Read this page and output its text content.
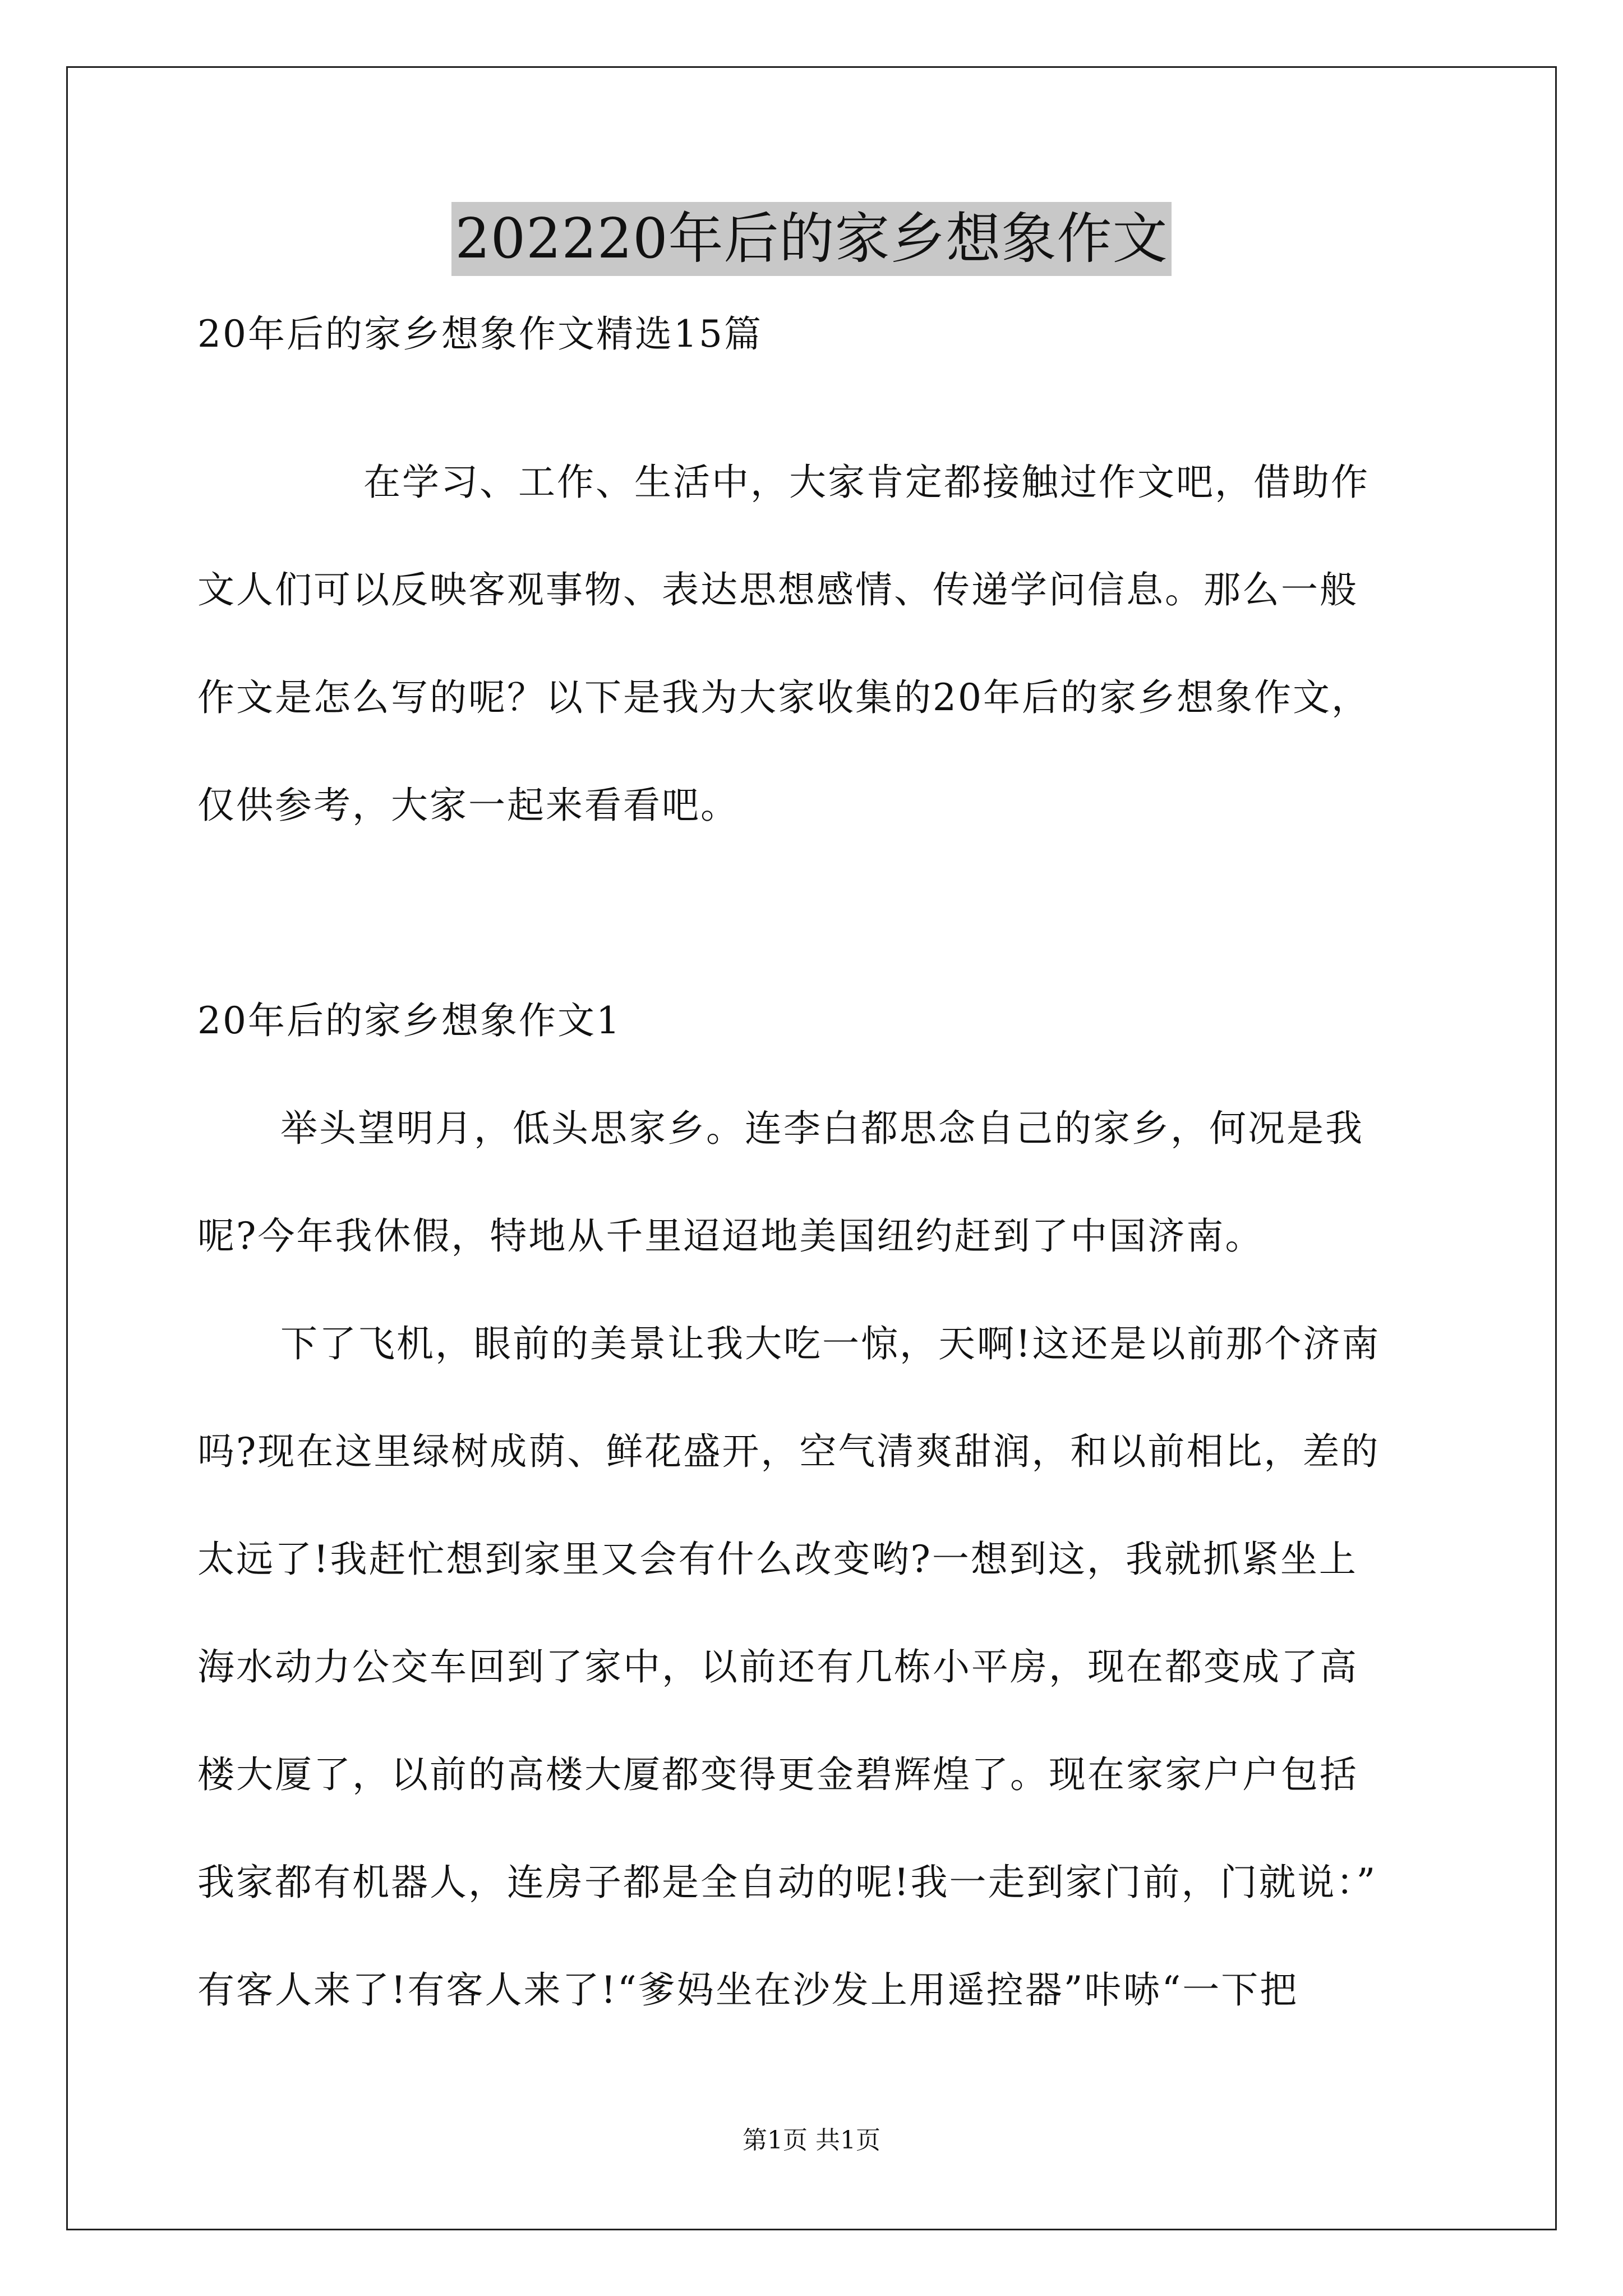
202220年后的家乡想象作文
20年后的家乡想象作文精选15篇
在学习、工作、生活中，大家肯定都接触过作文吧，借助作
文人们可以反映客观事物、表达思想感情、传递学问信息。那么一般
作文是怎么写的呢？以下是我为大家收集的20年后的家乡想象作文，
仅供参考，大家一起来看看吧。
20年后的家乡想象作文1
举头望明月，低头思家乡。连李白都思念自己的家乡，何况是我
呢?今年我休假，特地从千里迢迢地美国纽约赶到了中国济南。
下了飞机，眼前的美景让我大吃一惊，天啊!这还是以前那个济南
吗?现在这里绿树成荫、鲜花盛开，空气清爽甜润，和以前相比，差的
太远了!我赶忙想到家里又会有什么改变哟?一想到这，我就抓紧坐上
海水动力公交车回到了家中，以前还有几栋小平房，现在都变成了高
楼大厦了，以前的高楼大厦都变得更金碧辉煌了。现在家家户户包括
我家都有机器人，连房子都是全自动的呢!我一走到家门前，门就说：”
有客人来了!有客人来了!“爹妈坐在沙发上用遥控器”咔哧“一下把
第1页 共1页
